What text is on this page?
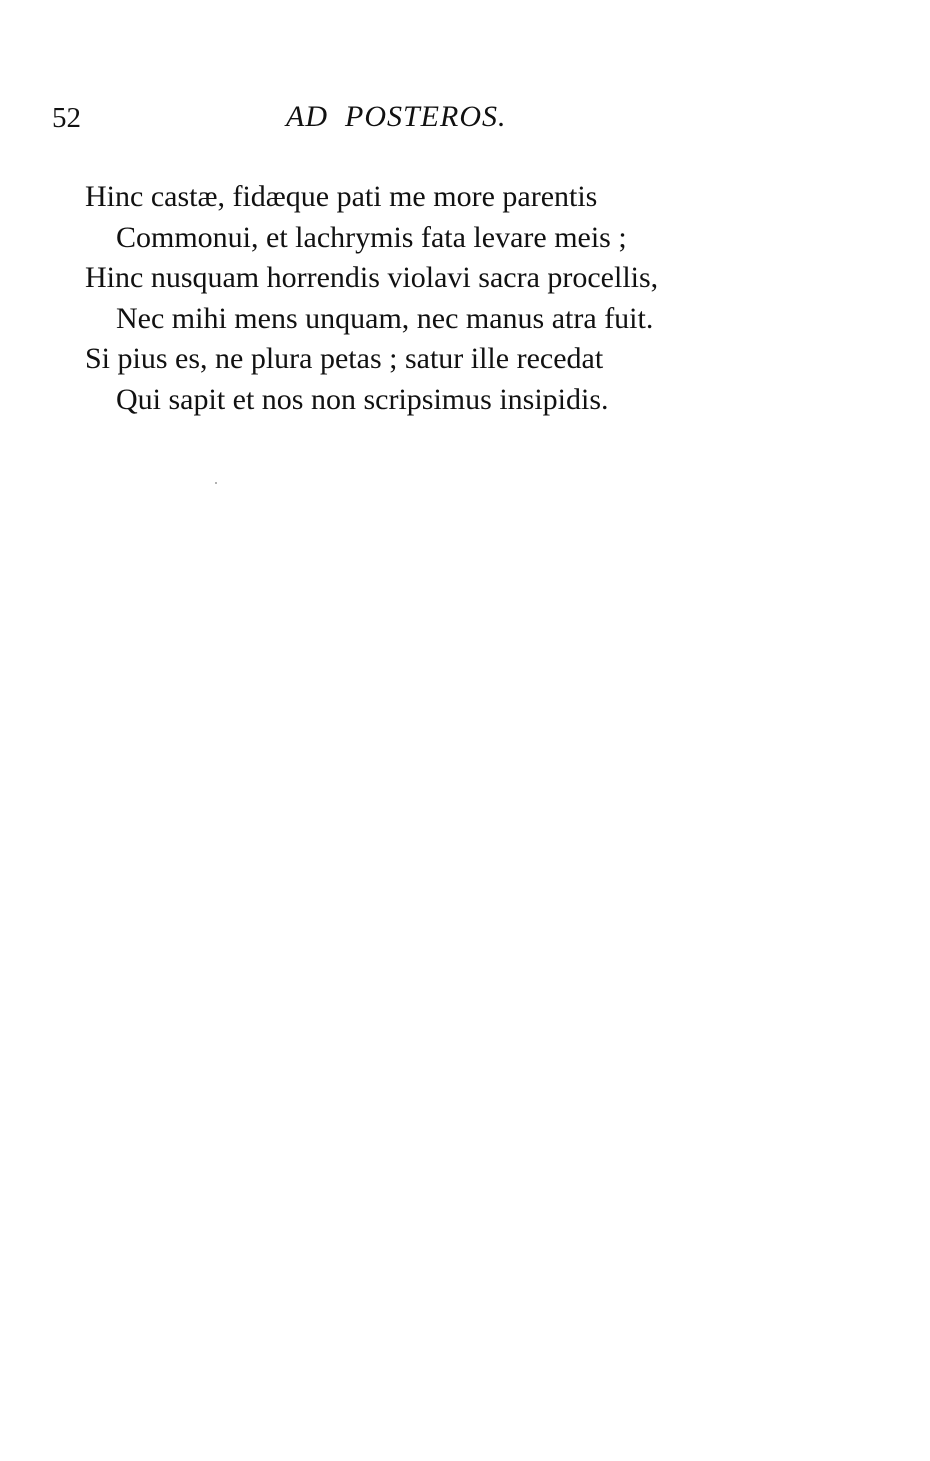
52	AD  POSTEROS.
Hinc castæ, fidæque pati me more parentis
Commonui, et lachrymis fata levare meis ;
Hinc nusquam horrendis violavi sacra procellis,
Nec mihi mens unquam, nec manus atra fuit.
Si pius es, ne plura petas ; satur ille recedat
Qui sapit et nos non scripsimus insipidis.
